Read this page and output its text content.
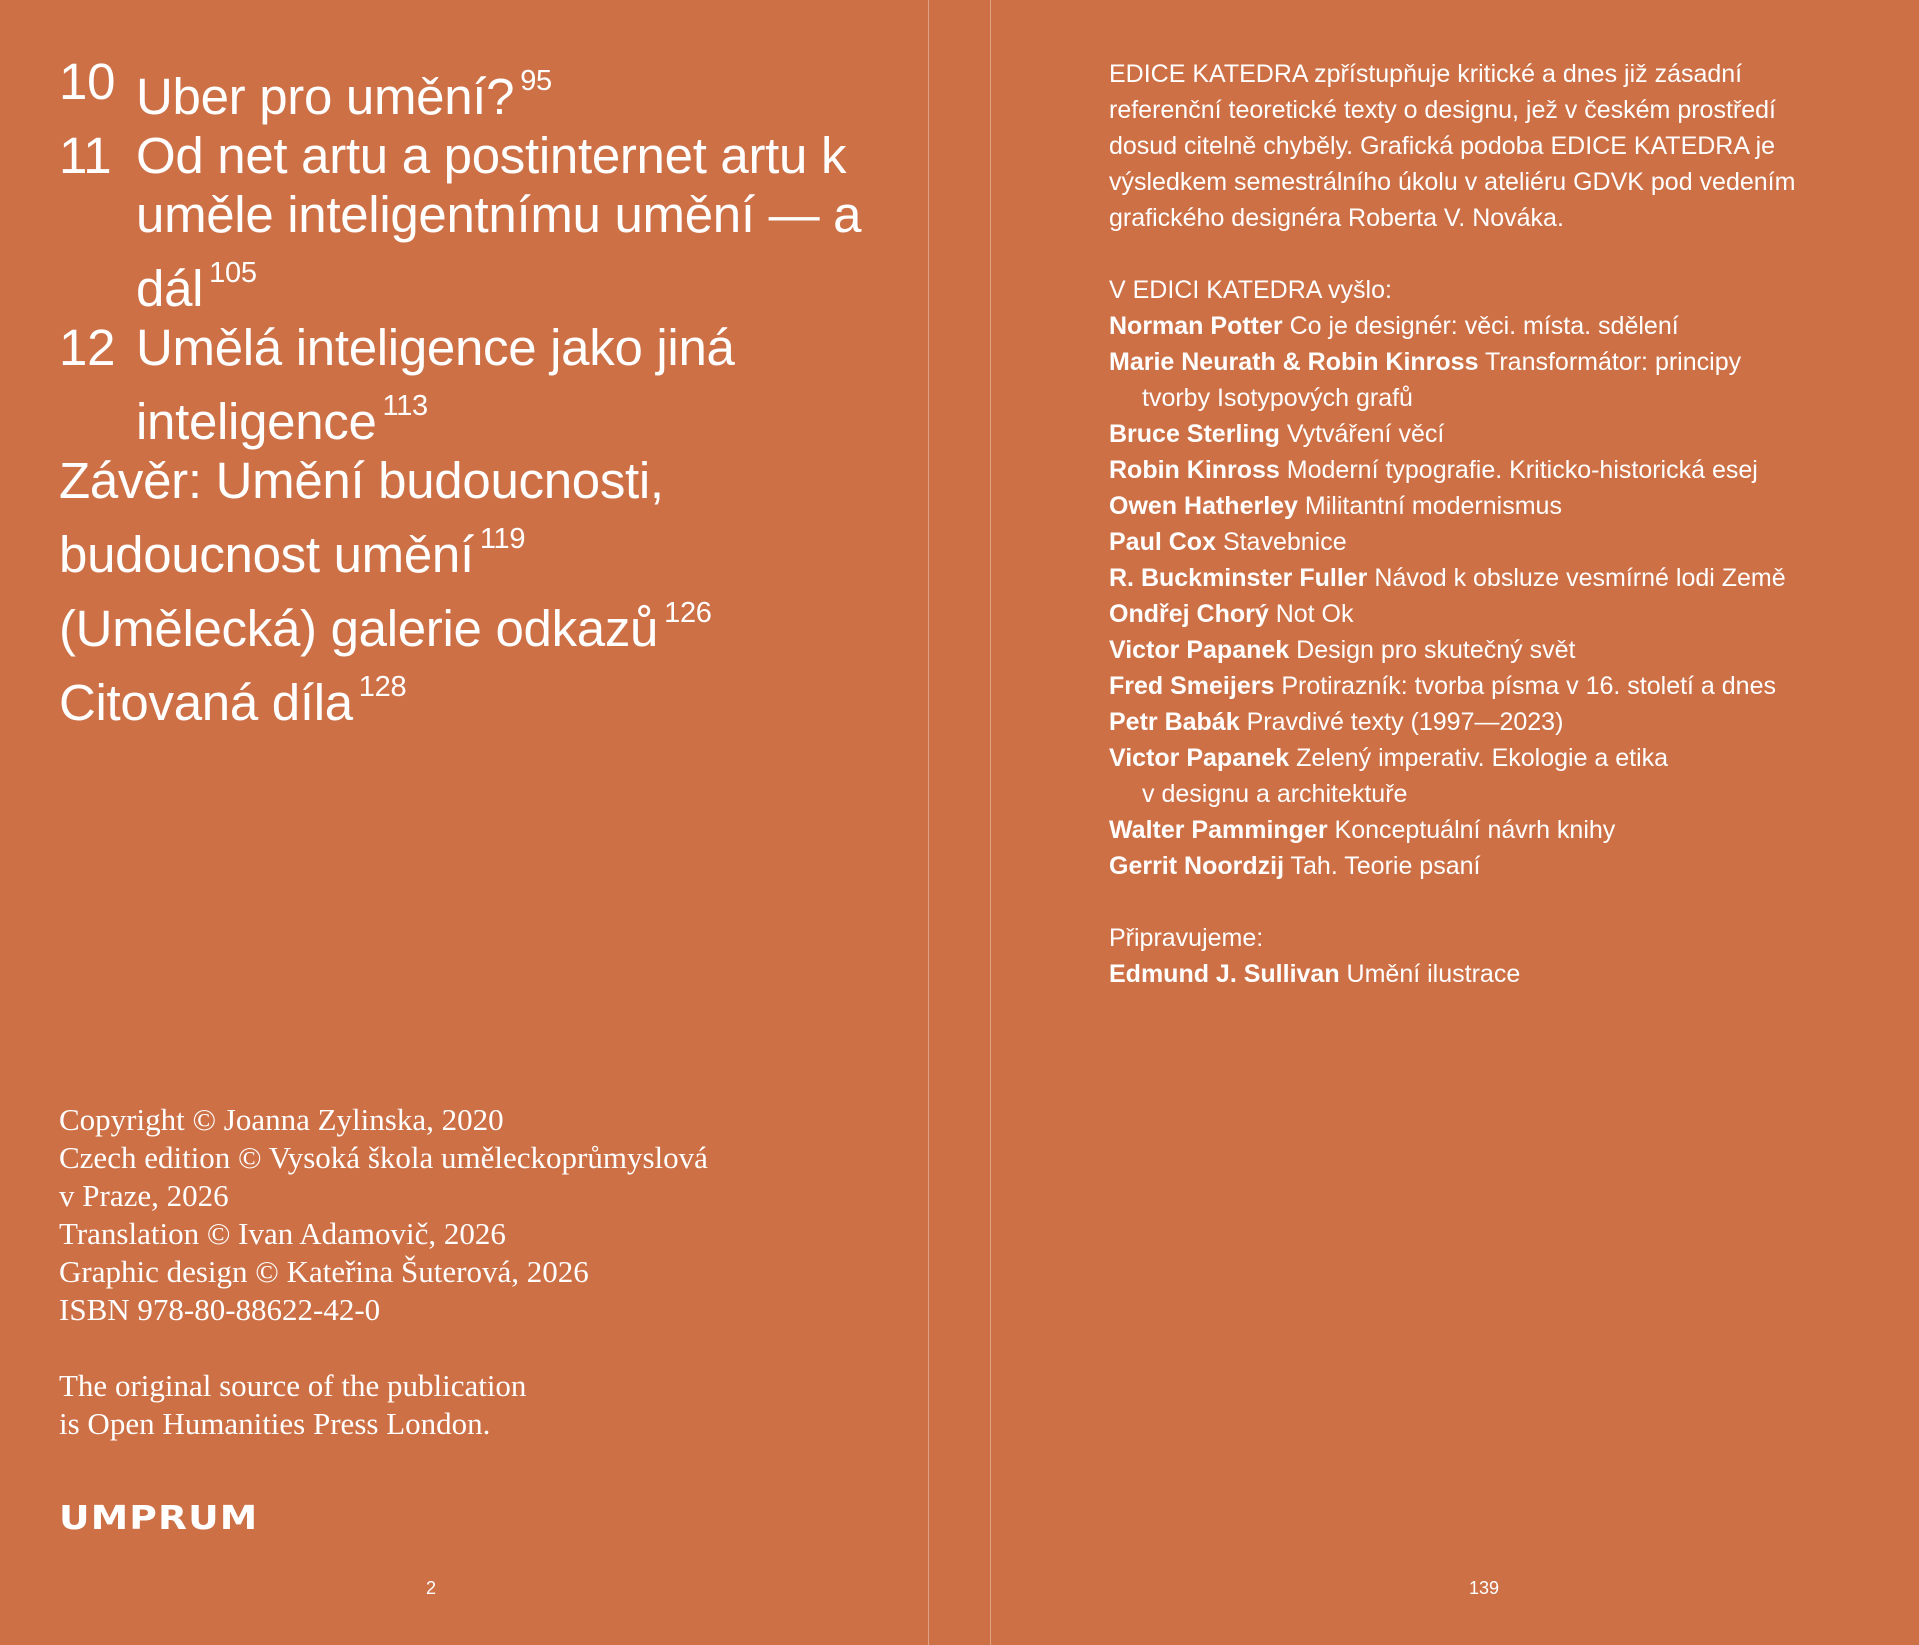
10 Uber pro umění? $^{95}$
11 Od net artu a postinternet artu k uměle inteligentnímu umění — a dál $^{105}$
12 Umělá inteligence jako jiná inteligence $^{113}$
Závěr: Umění budoucnosti, budoucnost umění $^{119}$
(Umělecká) galerie odkazů $^{126}$
Citovaná díla $^{128}$
Copyright © Joanna Zylinska, 2020
Czech edition © Vysoká škola uměleckoprůmyslová
v Praze, 2026
Translation © Ivan Adamovič, 2026
Graphic design © Kateřina Šuterová, 2026
ISBN 978-80-88622-42-0
The original source of the publication
is Open Humanities Press London.
UMPRUM
2
EDICE KATEDRA zpřístupňuje kritické a dnes již zásadní
referenční teoretické texty o designu, jež v českém prostředí
dosud citelně chyběly. Grafická podoba EDICE KATEDRA je
výsledkem semestrálního úkolu v ateliéru GDVK pod vedením
grafického designéra Roberta V. Nováka.
V EDICI KATEDRA vyšlo:
Norman Potter Co je designér: věci. místa. sdělení
Marie Neurath & Robin Kinross Transformátor: principy
tvorby Isotypových grafů
Bruce Sterling Vytváření věcí
Robin Kinross Moderní typografie. Kriticko-historická esej
Owen Hatherley Militantní modernismus
Paul Cox Stavebnice
R. Buckminster Fuller Návod k obsluze vesmírné lodi Země
Ondřej Chorý Not Ok
Victor Papanek Design pro skutečný svět
Fred Smeijers Protirazník: tvorba písma v 16. století a dnes
Petr Babák Pravdivé texty (1997—2023)
Victor Papanek Zelený imperativ. Ekologie a etika
v designu a architektuře
Walter Pamminger Konceptuální návrh knihy
Gerrit Noordzij Tah. Teorie psaní
Připravujeme:
Edmund J. Sullivan Umění ilustrace
139
